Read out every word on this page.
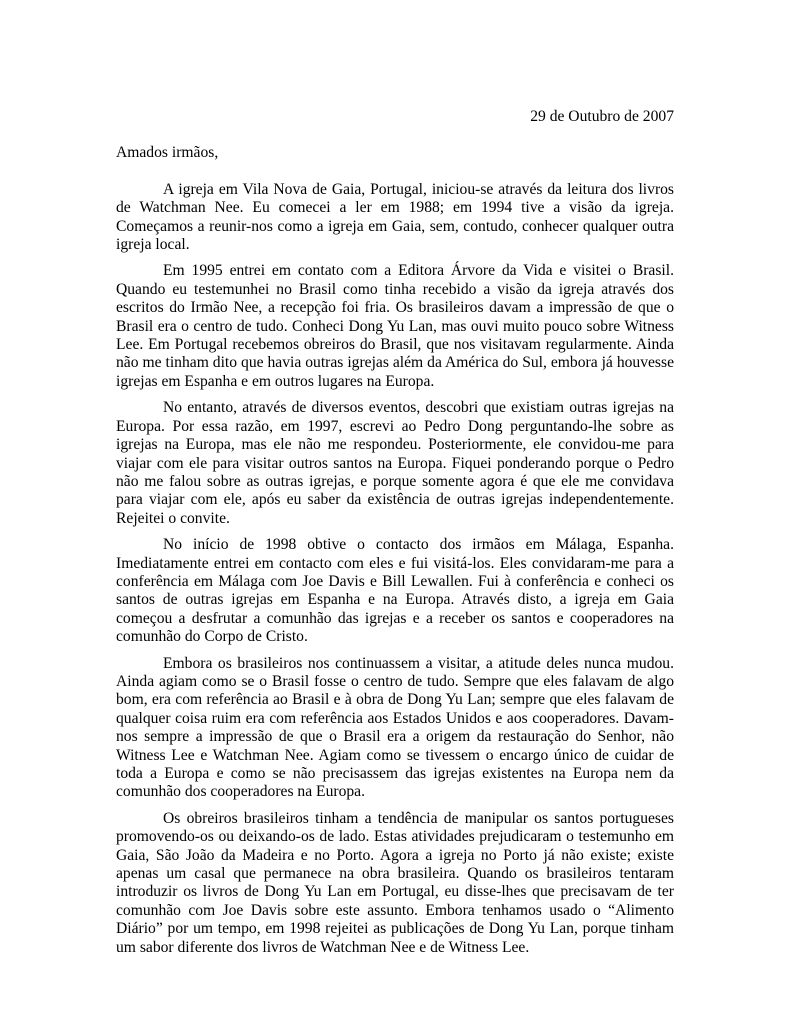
29 de Outubro de 2007

Amados irmãos,

A igreja em Vila Nova de Gaia, Portugal, iniciou-se através da leitura dos livros de Watchman Nee. Eu comecei a ler em 1988; em 1994 tive a visão da igreja. Começamos a reunir-nos como a igreja em Gaia, sem, contudo, conhecer qualquer outra igreja local.

Em 1995 entrei em contato com a Editora Árvore da Vida e visitei o Brasil. Quando eu testemunhei no Brasil como tinha recebido a visão da igreja através dos escritos do Irmão Nee, a recepção foi fria. Os brasileiros davam a impressão de que o Brasil era o centro de tudo. Conheci Dong Yu Lan, mas ouvi muito pouco sobre Witness Lee. Em Portugal recebemos obreiros do Brasil, que nos visitavam regularmente. Ainda não me tinham dito que havia outras igrejas além da América do Sul, embora já houvesse igrejas em Espanha e em outros lugares na Europa.

No entanto, através de diversos eventos, descobri que existiam outras igrejas na Europa. Por essa razão, em 1997, escrevi ao Pedro Dong perguntando-lhe sobre as igrejas na Europa, mas ele não me respondeu. Posteriormente, ele convidou-me para viajar com ele para visitar outros santos na Europa. Fiquei ponderando porque o Pedro não me falou sobre as outras igrejas, e porque somente agora é que ele me convidava para viajar com ele, após eu saber da existência de outras igrejas independentemente. Rejeitei o convite.

No início de 1998 obtive o contacto dos irmãos em Málaga, Espanha. Imediatamente entrei em contacto com eles e fui visitá-los. Eles convidaram-me para a conferência em Málaga com Joe Davis e Bill Lewallen. Fui à conferência e conheci os santos de outras igrejas em Espanha e na Europa. Através disto, a igreja em Gaia começou a desfrutar a comunhão das igrejas e a receber os santos e cooperadores na comunhão do Corpo de Cristo.

Embora os brasileiros nos continuassem a visitar, a atitude deles nunca mudou. Ainda agiam como se o Brasil fosse o centro de tudo. Sempre que eles falavam de algo bom, era com referência ao Brasil e à obra de Dong Yu Lan; sempre que eles falavam de qualquer coisa ruim era com referência aos Estados Unidos e aos cooperadores. Davam-nos sempre a impressão de que o Brasil era a origem da restauração do Senhor, não Witness Lee e Watchman Nee. Agiam como se tivessem o encargo único de cuidar de toda a Europa e como se não precisassem das igrejas existentes na Europa nem da comunhão dos cooperadores na Europa.

Os obreiros brasileiros tinham a tendência de manipular os santos portugueses promovendo-os ou deixando-os de lado. Estas atividades prejudicaram o testemunho em Gaia, São João da Madeira e no Porto. Agora a igreja no Porto já não existe; existe apenas um casal que permanece na obra brasileira. Quando os brasileiros tentaram introduzir os livros de Dong Yu Lan em Portugal, eu disse-lhes que precisavam de ter comunhão com Joe Davis sobre este assunto. Embora tenhamos usado o “Alimento Diário” por um tempo, em 1998 rejeitei as publicações de Dong Yu Lan, porque tinham um sabor diferente dos livros de Watchman Nee e de Witness Lee.
